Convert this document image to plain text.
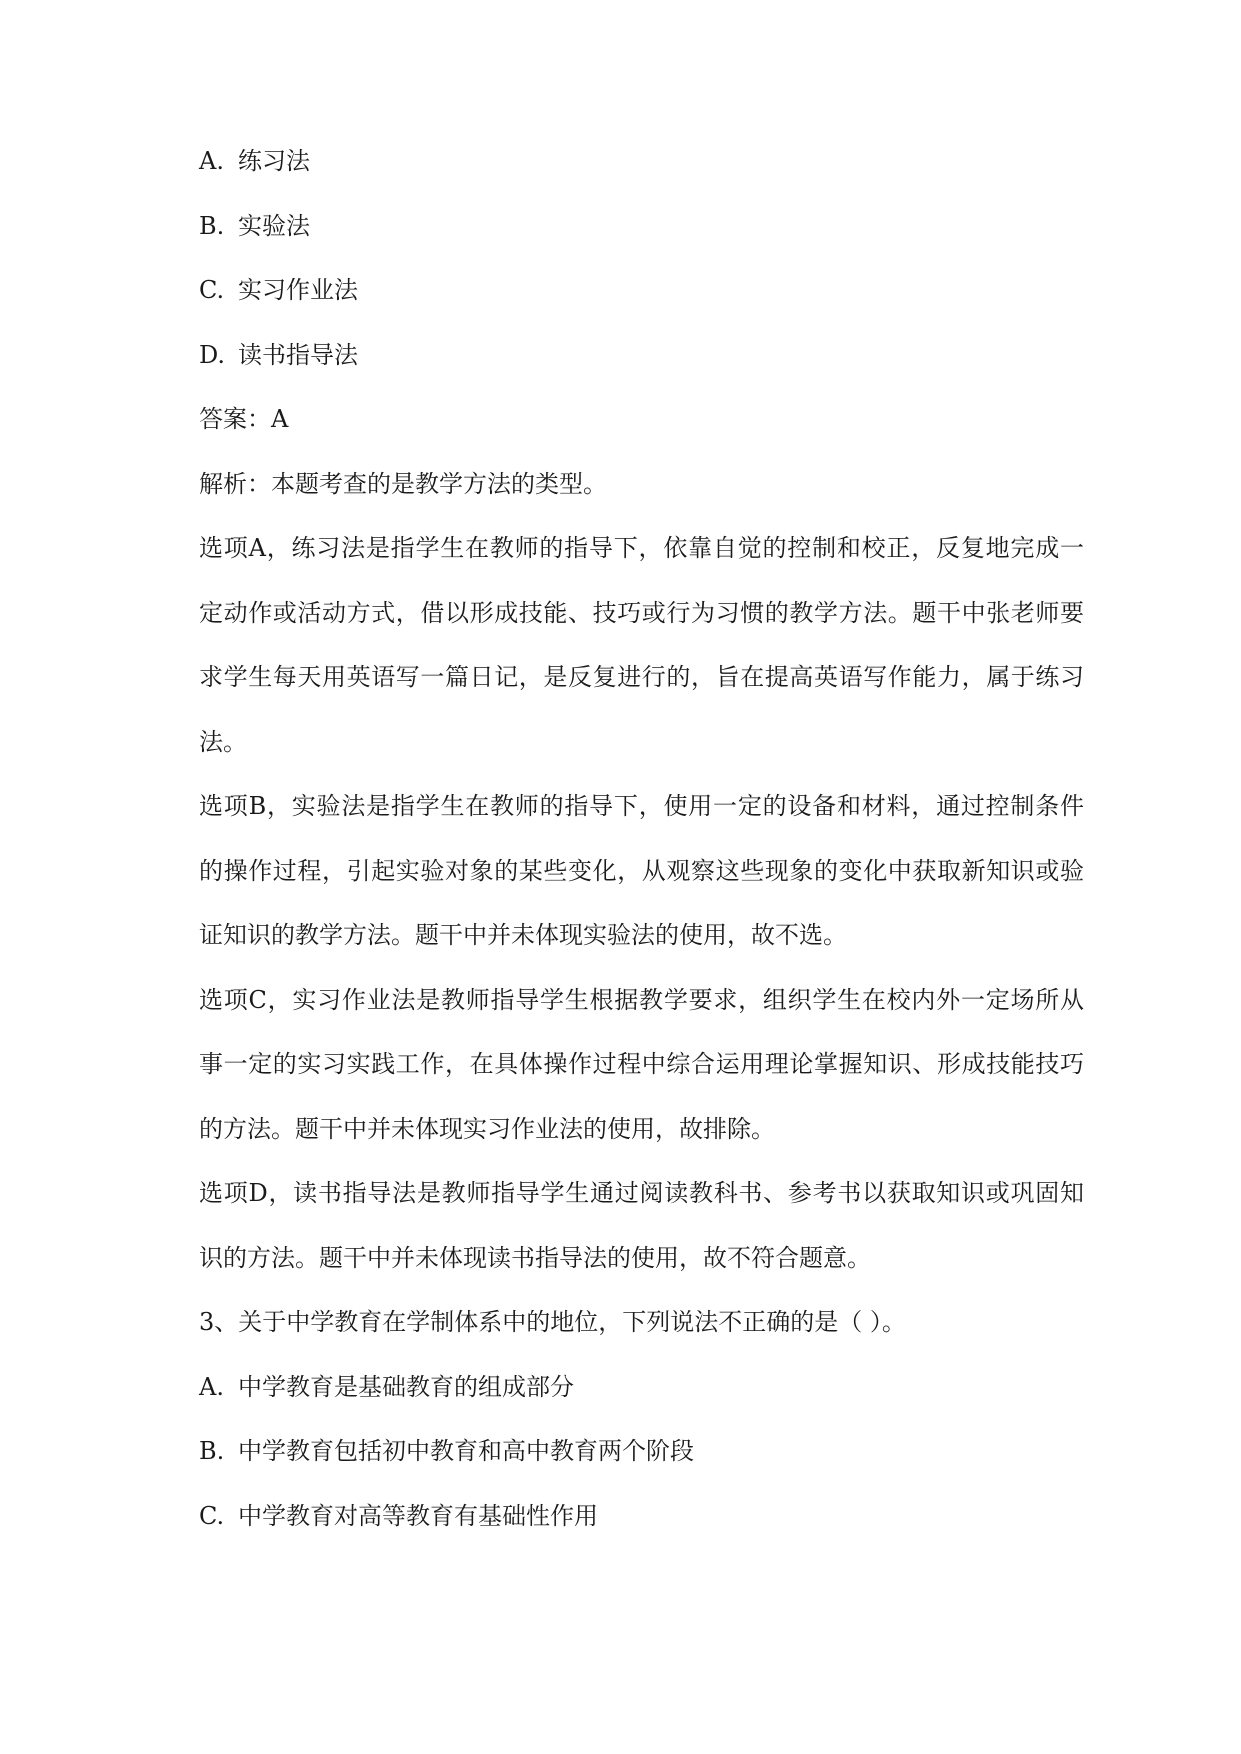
A. 练习法
B. 实验法
C. 实习作业法
D. 读书指导法
答案：A
解析：本题考查的是教学方法的类型。
选项A，练习法是指学生在教师的指导下，依靠自觉的控制和校正，反复地完成一
定动作或活动方式，借以形成技能、技巧或行为习惯的教学方法。题干中张老师要
求学生每天用英语写一篇日记，是反复进行的，旨在提高英语写作能力，属于练习
法。
选项B，实验法是指学生在教师的指导下，使用一定的设备和材料，通过控制条件
的操作过程，引起实验对象的某些变化，从观察这些现象的变化中获取新知识或验
证知识的教学方法。题干中并未体现实验法的使用，故不选。
选项C，实习作业法是教师指导学生根据教学要求，组织学生在校内外一定场所从
事一定的实习实践工作，在具体操作过程中综合运用理论掌握知识、形成技能技巧
的方法。题干中并未体现实习作业法的使用，故排除。
选项D，读书指导法是教师指导学生通过阅读教科书、参考书以获取知识或巩固知
识的方法。题干中并未体现读书指导法的使用，故不符合题意。
3、关于中学教育在学制体系中的地位，下列说法不正确的是（ ）。
A. 中学教育是基础教育的组成部分
B. 中学教育包括初中教育和高中教育两个阶段
C. 中学教育对高等教育有基础性作用
